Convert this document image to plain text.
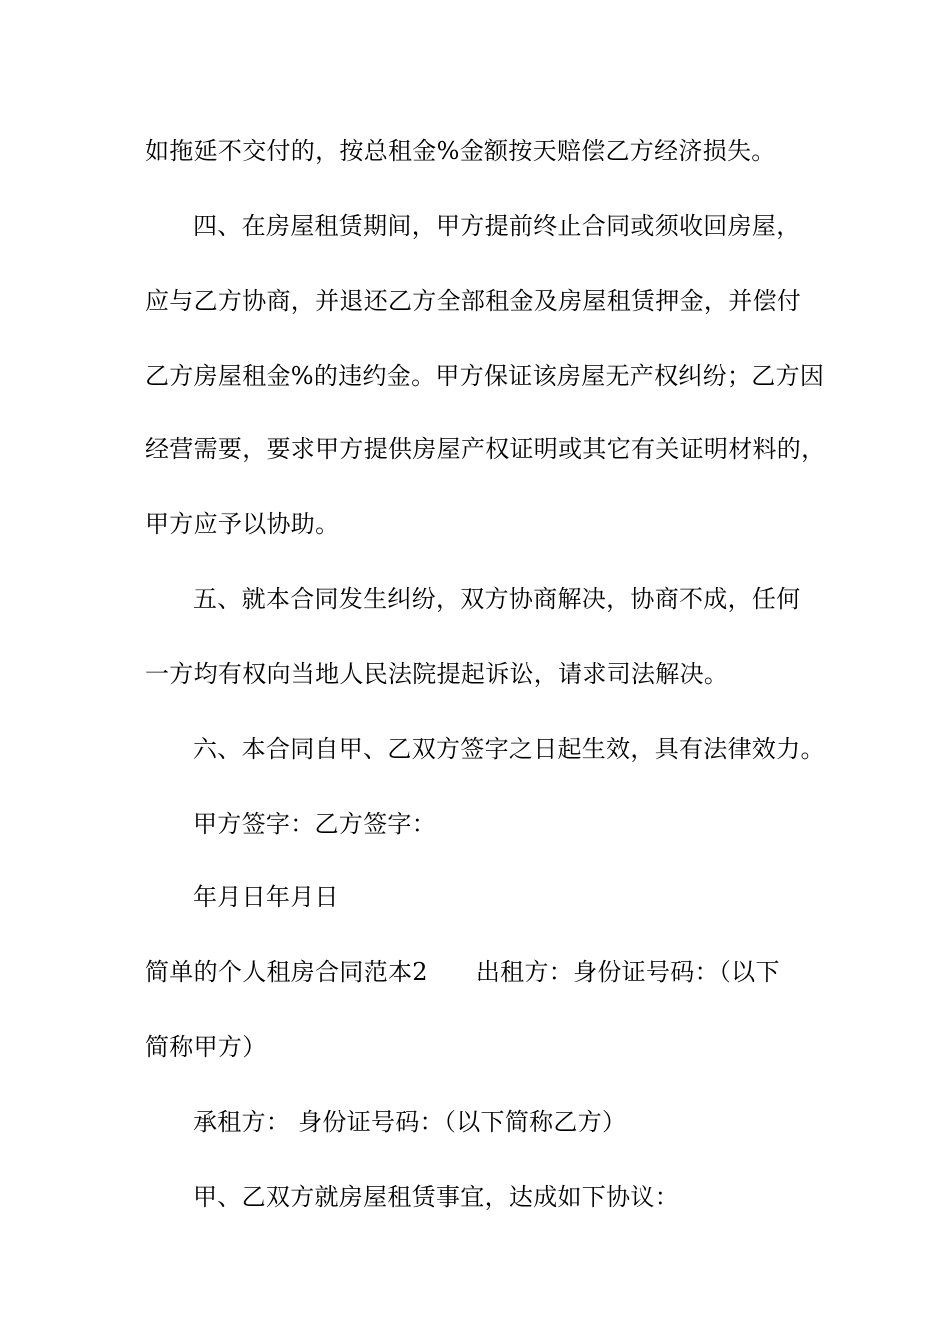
如拖延不交付的，按总租金%金额按天赔偿乙方经济损失。
四、在房屋租赁期间，甲方提前终止合同或须收回房屋，
应与乙方协商，并退还乙方全部租金及房屋租赁押金，并偿付
乙方房屋租金%的违约金。甲方保证该房屋无产权纠纷；乙方因
经营需要，要求甲方提供房屋产权证明或其它有关证明材料的，
甲方应予以协助。
五、就本合同发生纠纷，双方协商解决，协商不成，任何
一方均有权向当地人民法院提起诉讼，请求司法解决。
六、本合同自甲、乙双方签字之日起生效，具有法律效力。
甲方签字：乙方签字：
年月日年月日
简单的个人租房合同范本2 出租方：身份证号码：（以下
简称甲方）
承租方： 身份证号码：（以下简称乙方）
甲、乙双方就房屋租赁事宜，达成如下协议：
